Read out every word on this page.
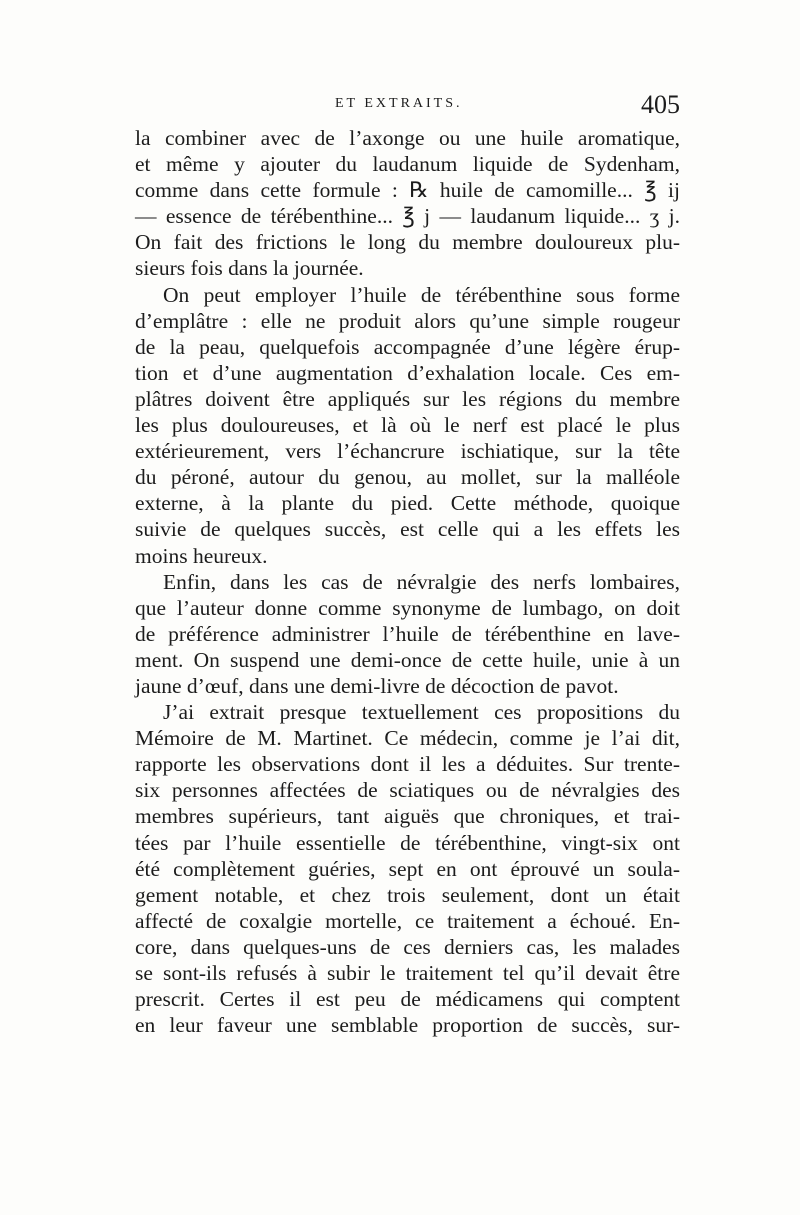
ET EXTRAITS.	405
la combiner avec de l’axonge ou une huile aromatique,
et même y ajouter du laudanum liquide de Sydenham,
comme dans cette formule : ℞ huile de camomille... ℥ ij
— essence de térébenthine... ℥ j — laudanum liquide... ʒ j.
On fait des frictions le long du membre douloureux plu-
sieurs fois dans la journée.
On peut employer l’huile de térébenthine sous forme
d’emplâtre : elle ne produit alors qu’une simple rougeur
de la peau, quelquefois accompagnée d’une légère érup-
tion et d’une augmentation d’exhalation locale. Ces em-
plâtres doivent être appliqués sur les régions du membre
les plus douloureuses, et là où le nerf est placé le plus
extérieurement, vers l’échancrure ischiatique, sur la tête
du péroné, autour du genou, au mollet, sur la malléole
externe, à la plante du pied. Cette méthode, quoique
suivie de quelques succès, est celle qui a les effets les
moins heureux.
Enfin, dans les cas de névralgie des nerfs lombaires,
que l’auteur donne comme synonyme de lumbago, on doit
de préférence administrer l’huile de térébenthine en lave-
ment. On suspend une demi-once de cette huile, unie à un
jaune d’œuf, dans une demi-livre de décoction de pavot.
J’ai extrait presque textuellement ces propositions du
Mémoire de M. Martinet. Ce médecin, comme je l’ai dit,
rapporte les observations dont il les a déduites. Sur trente-
six personnes affectées de sciatiques ou de névralgies des
membres supérieurs, tant aiguës que chroniques, et trai-
tées par l’huile essentielle de térébenthine, vingt-six ont
été complètement guéries, sept en ont éprouvé un soula-
gement notable, et chez trois seulement, dont un était
affecté de coxalgie mortelle, ce traitement a échoué. En-
core, dans quelques-uns de ces derniers cas, les malades
se sont-ils refusés à subir le traitement tel qu’il devait être
prescrit. Certes il est peu de médicamens qui comptent
en leur faveur une semblable proportion de succès, sur-
